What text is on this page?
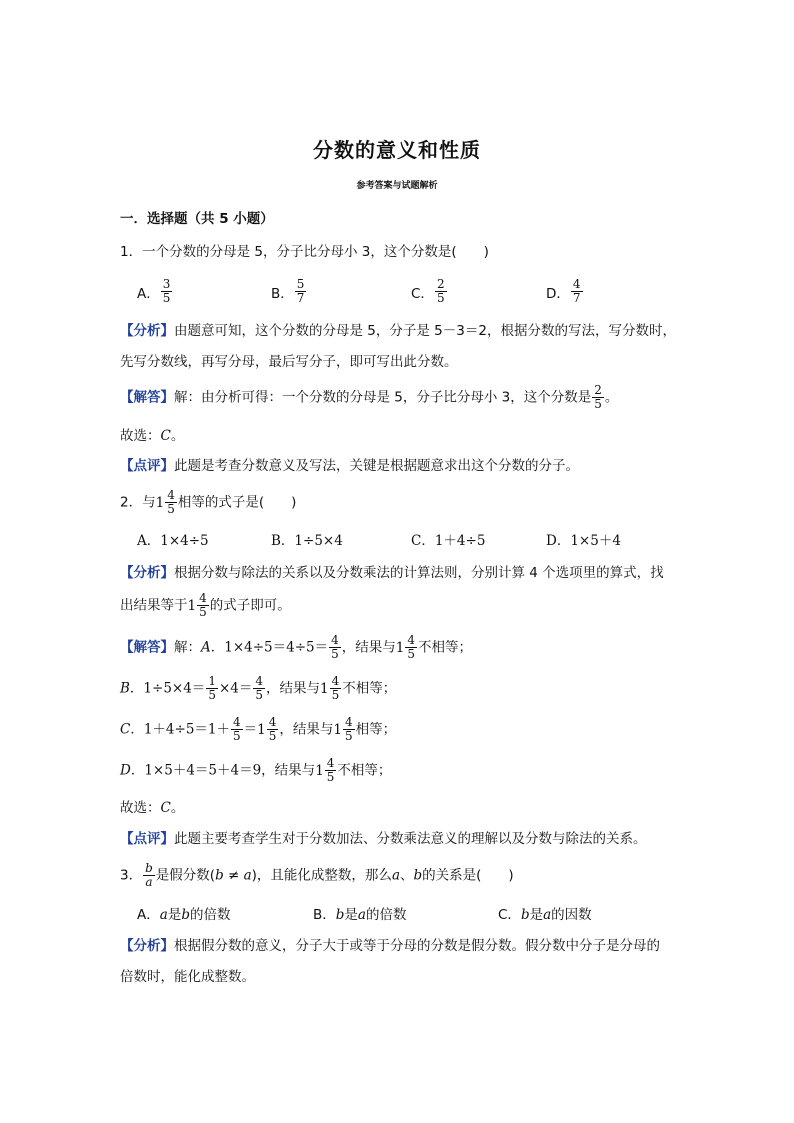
分数的意义和性质
参考答案与试题解析
一．选择题（共 5 小题）
1．一个分数的分母是 5，分子比分母小 3，这个分数是(　　)
A． $\frac{3}{5}$	B． $\frac{5}{7}$	C． $\frac{2}{5}$	D． $\frac{4}{7}$
【分析】由题意可知，这个分数的分母是 5，分子是 5－3＝2，根据分数的写法，写分数时，
先写分数线，再写分母，最后写分子，即可写出此分数。
【解答】解：由分析可得：一个分数的分母是 5，分子比分母小 3，这个分数是 $\frac{2}{5}$ 。
故选：C。
【点评】此题是考查分数意义及写法，关键是根据题意求出这个分数的分子。
2．与 $1 \frac{4}{5}$ 相等的式子是(　　)
A．1×4÷5	B．1÷5×4	C．1＋4÷5	D．1×5＋4
【分析】根据分数与除法的关系以及分数乘法的计算法则，分别计算 4 个选项里的算式，找
出结果等于 $1 \frac{4}{5}$ 的式子即可。
【解答】解：A．$1\times 4\div 5=4\div 5= \frac{4}{5}$ ，结果与 $1 \frac{4}{5}$ 不相等；
B．$1\div 5\times 4= \frac{1}{5} \times 4= \frac{4}{5}$ ，结果与 $1 \frac{4}{5}$ 不相等；
C．$1+4\div 5=1+ \frac{4}{5} = 1 \frac{4}{5}$ ，结果与 $1 \frac{4}{5}$ 相等；
D．1×5＋4＝5＋4＝9，结果与 $1 \frac{4}{5}$ 不相等；
故选：C。
【点评】此题主要考查学生对于分数加法、分数乘法意义的理解以及分数与除法的关系。
3． $\frac{b}{a}$ 是假分数(b ≠ a)，且能化成整数，那么a、b的关系是(　　)
A．a是b的倍数	B．b是a的倍数	C．b是a的因数
【分析】根据假分数的意义，分子大于或等于分母的分数是假分数。假分数中分子是分母的
倍数时，能化成整数。
